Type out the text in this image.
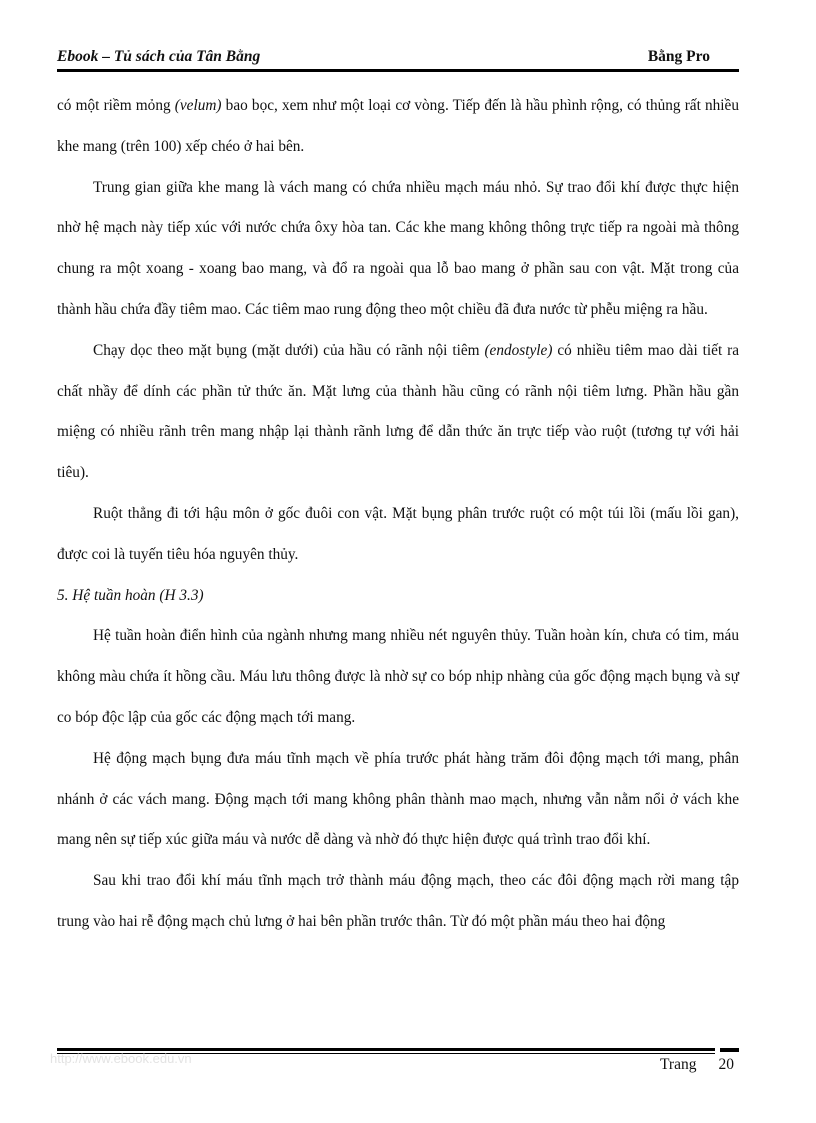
Ebook – Tủ sách của Tân Bằng	Bằng Pro

có một riềm mỏng (velum) bao bọc, xem như một loại cơ vòng. Tiếp đến là hầu phình rộng, có thủng rất nhiều khe mang (trên 100) xếp chéo ở hai bên.

Trung gian giữa khe mang là vách mang có chứa nhiều mạch máu nhỏ. Sự trao đổi khí được thực hiện nhờ hệ mạch này tiếp xúc với nước chứa ôxy hòa tan. Các khe mang không thông trực tiếp ra ngoài mà thông chung ra một xoang - xoang bao mang, và đổ ra ngoài qua lỗ bao mang ở phần sau con vật. Mặt trong của thành hầu chứa đầy tiêm mao. Các tiêm mao rung động theo một chiều đã đưa nước từ phễu miệng ra hầu.

Chạy dọc theo mặt bụng (mặt dưới) của hầu có rãnh nội tiêm (endostyle) có nhiều tiêm mao dài tiết ra chất nhầy để dính các phần tử thức ăn. Mặt lưng của thành hầu cũng có rãnh nội tiêm lưng. Phần hầu gần miệng có nhiều rãnh trên mang nhập lại thành rãnh lưng để dẫn thức ăn trực tiếp vào ruột (tương tự với hải tiêu).

Ruột thẳng đi tới hậu môn ở gốc đuôi con vật. Mặt bụng phân trước ruột có một túi lồi (mấu lồi gan), được coi là tuyến tiêu hóa nguyên thủy.

5. Hệ tuần hoàn (H 3.3)

Hệ tuần hoàn điển hình của ngành nhưng mang nhiều nét nguyên thủy. Tuần hoàn kín, chưa có tim, máu không màu chứa ít hồng cầu. Máu lưu thông được là nhờ sự co bóp nhịp nhàng của gốc động mạch bụng và sự co bóp độc lập của gốc các động mạch tới mang.

Hệ động mạch bụng đưa máu tĩnh mạch về phía trước phát hàng trăm đôi động mạch tới mang, phân nhánh ở các vách mang. Động mạch tới mang không phân thành mao mạch, nhưng vẫn nằm nổi ở vách khe mang nên sự tiếp xúc giữa máu và nước dễ dàng và nhờ đó thực hiện được quá trình trao đổi khí.

Sau khi trao đổi khí máu tĩnh mạch trở thành máu động mạch, theo các đôi động mạch rời mang tập trung vào hai rễ động mạch chủ lưng ở hai bên phần trước thân. Từ đó một phần máu theo hai động

http://www.ebook.edu.vn	Trang 20
